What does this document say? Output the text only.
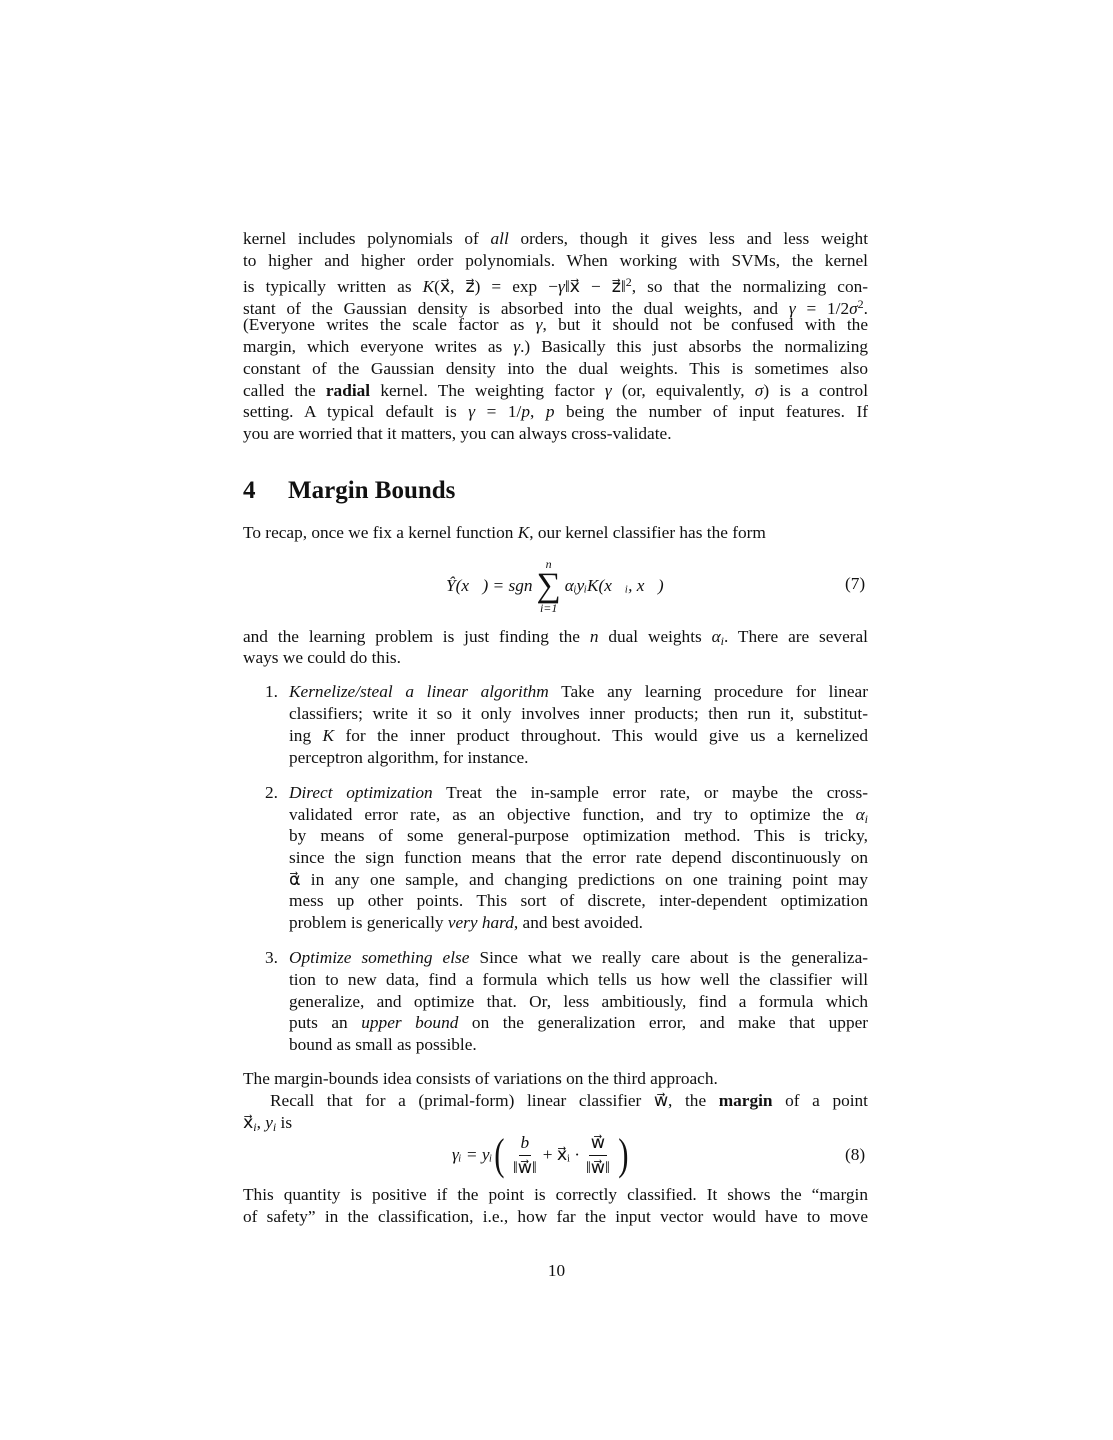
kernel includes polynomials of all orders, though it gives less and less weight
to higher and higher order polynomials. When working with SVMs, the kernel
is typically written as K(x⃗, z⃗) = exp −γ‖x⃗ − z⃗‖$^2$, so that the normalizing con-
stant of the Gaussian density is absorbed into the dual weights, and $\gamma = 1/2\sigma^2$.
(Everyone writes the scale factor as γ, but it should not be confused with the
margin, which everyone writes as γ.) Basically this just absorbs the normalizing
constant of the Gaussian density into the dual weights. This is sometimes also
called the radial kernel. The weighting factor γ (or, equivalently, σ) is a control
setting. A typical default is γ = 1/p, p being the number of input features. If
you are worried that it matters, you can always cross-validate.
To recap, once we fix a kernel function K, our kernel classifier has the form
and the learning problem is just finding the n dual weights $\alpha_i$. There are several
ways we could do this.
Kernelize/steal a linear algorithm Take any learning procedure for linear
classifiers; write it so it only involves inner products; then run it, substitut-
ing K for the inner product throughout. This would give us a kernelized
perceptron algorithm, for instance.
Direct optimization Treat the in-sample error rate, or maybe the cross-
validated error rate, as an objective function, and try to optimize the $\alpha_i$
by means of some general-purpose optimization method. This is tricky,
since the sign function means that the error rate depend discontinuously on
α⃗ in any one sample, and changing predictions on one training point may
mess up other points. This sort of discrete, inter-dependent optimization
problem is generically very hard, and best avoided.
Optimize something else Since what we really care about is the generaliza-
tion to new data, find a formula which tells us how well the classifier will
generalize, and optimize that. Or, less ambitiously, find a formula which
puts an upper bound on the generalization error, and make that upper
bound as small as possible.
The margin-bounds idea consists of variations on the third approach.
Recall that for a (primal-form) linear classifier w⃗, the margin of a point
$x⃗_i$, $y_i$ is
This quantity is positive if the point is correctly classified. It shows the “margin
of safety” in the classification, i.e., how far the input vector would have to move
4 Margin Bounds
1.
2.
3.
Ŷ(x⃗) = sgn
n
∑
i=1
αᵢyᵢK(x⃗ᵢ, x⃗)	(7)
γᵢ = yᵢ ( $\frac{b}{‖w⃗‖}$ + x⃗ᵢ · $\frac{w⃗}{‖w⃗‖}$ )	(8)
10
